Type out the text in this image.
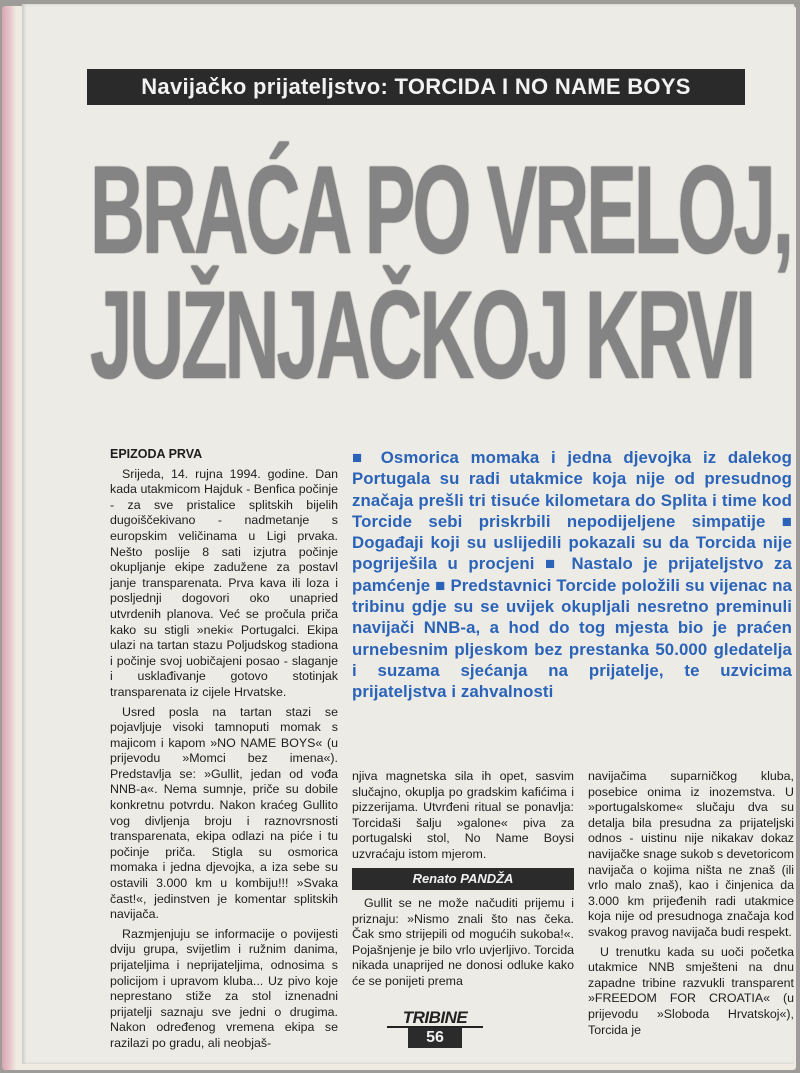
Navijačko prijateljstvo: TORCIDA I NO NAME BOYS
BRAĆA PO VRELOJ,
JUŽNJAČKOJ KRVI

EPIZODA PRVA

Srijeda, 14. rujna 1994. godine. Dan kada utakmicom Hajduk - Benfica počinje - za sve pristalice splitskih bijelih dugoiščekivano - nadmetanje s europskim veličinama u Ligi prvaka. Nešto poslije 8 sati izjutra počinje okupljanje ekipe zadužene za postavl janje transparenata. Prva kava ili loza i posljednji dogovori oko unapried utvrdenih planova. Već se pročula priča kako su stigli »neki« Portugalci. Ekipa ulazi na tartan stazu Poljudskog stadiona i počinje svoj uobičajeni posao - slaganje i usklađivanje gotovo stotinjak transparenata iz cijele Hrvatske.

Usred posla na tartan stazi se pojavljuje visoki tamnoputi momak s majicom i kapom »NO NAME BOYS« (u prijevodu »Momci bez imena«). Predstavlja se: »Gullit, jedan od vođa NNB-a«. Nema sumnje, priče su dobile konkretnu potvrdu. Nakon kraćeg Gullito vog divljenja broju i raznovrsnosti transparenata, ekipa odlazi na piće i tu počinje priča. Stigla su osmorica momaka i jedna djevojka, a iza sebe su ostavili 3.000 km u kombiju!!! »Svaka čast!«, jedinstven je komentar splitskih navijača.

Razmjenjuju se informacije o povijesti dviju grupa, svijetlim i ružnim danima, prijateljima i neprijateljima, odnosima s policijom i upravom kluba... Uz pivo koje neprestano stiže za stol iznenadni prijatelji saznaju sve jedni o drugima. Nakon određenog vremena ekipa se razilazi po gradu, ali neobjaš-

■ Osmorica momaka i jedna djevojka iz dalekog Portugala su radi utakmice koja nije od presudnog značaja prešli tri tisuće kilometara do Splita i time kod Torcide sebi priskrbili nepodijeljene simpatije ■ Događaji koji su uslijedili pokazali su da Torcida nije pogriješila u procjeni ■ Nastalo je prijateljstvo za pamćenje ■ Predstavnici Torcide položili su vijenac na tribinu gdje su se uvijek okupljali nesretno preminuli navijači NNB-a, a hod do tog mjesta bio je praćen urnebesnim pljeskom bez prestanka 50.000 gledatelja i suzama sjećanja na prijatelje, te uzvicima prijateljstva i zahvalnosti

njiva magnetska sila ih opet, sasvim slučajno, okuplja po gradskim kafićima i pizzerijama. Utvrđeni ritual se ponavlja: Torcidaši šalju »galone« piva za portugalski stol, No Name Boysi uzvraćaju istom mjerom.

Renato PANDŽA

Gullit se ne može načuditi prijemu i priznaju: »Nismo znali što nas čeka. Čak smo strijepili od mogućih sukoba!«. Pojašnjenje je bilo vrlo uvjerljivo. Torcida nikada unaprijed ne donosi odluke kako će se ponijeti prema

navijačima suparničkog kluba, posebice onima iz inozemstva. U »portugalskome« slučaju dva su detalja bila presudna za prijateljski odnos - uistinu nije nikakav dokaz navijačke snage sukob s devetoricom navijača o kojima ništa ne znaš (ili vrlo malo znaš), kao i činjenica da 3.000 km prijeđenih radi utakmice koja nije od presudnoga značaja kod svakog pravog navijača budi respekt.

U trenutku kada su uoči početka utakmice NNB smješteni na dnu zapadne tribine razvukli transparent »FREEDOM FOR CROATIA« (u prijevodu »Sloboda Hrvatskoj«), Torcida je

TRIBINE
56
